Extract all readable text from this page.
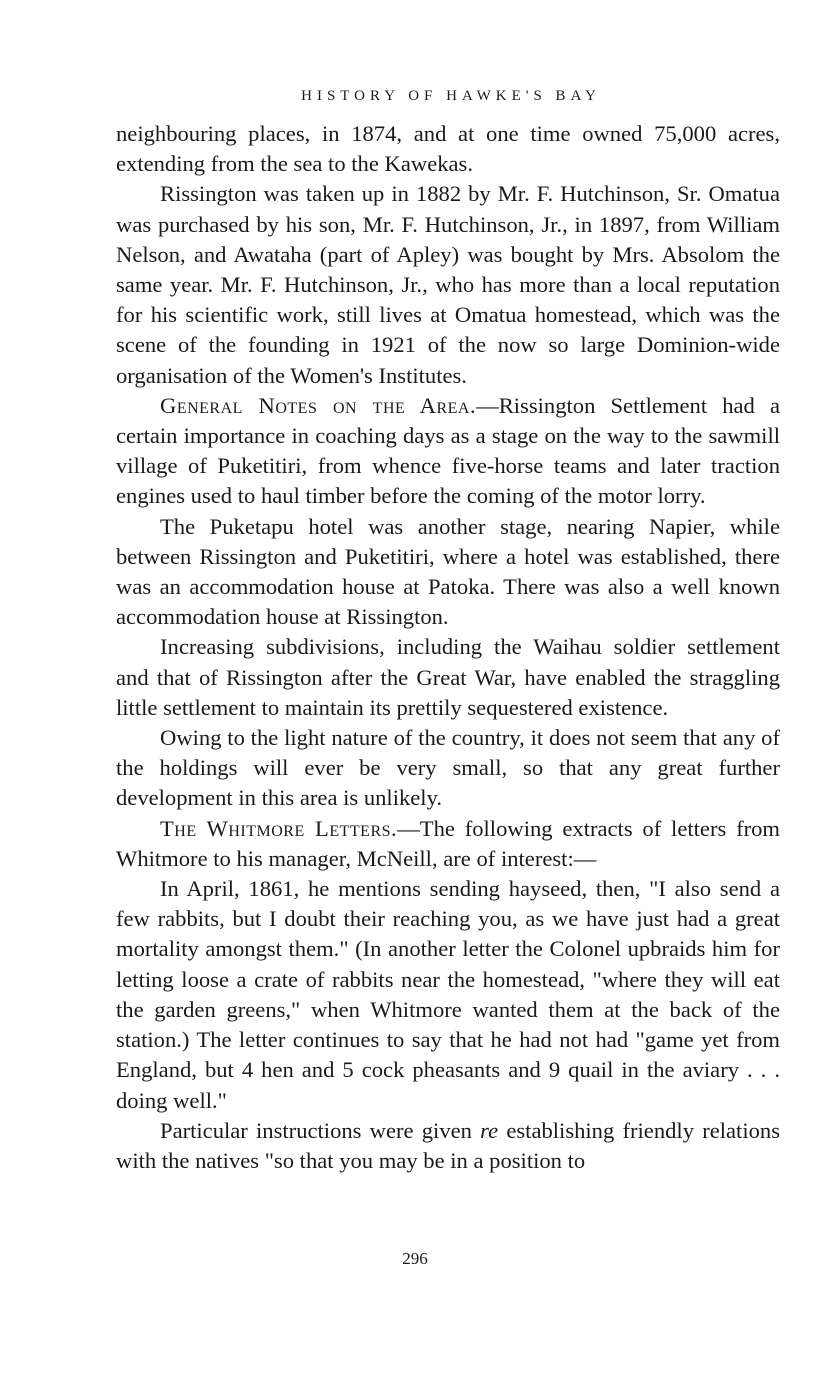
HISTORY OF HAWKE'S BAY

neighbouring places, in 1874, and at one time owned 75,000 acres, extending from the sea to the Kawekas.

Rissington was taken up in 1882 by Mr. F. Hutchinson, Sr. Omatua was purchased by his son, Mr. F. Hutchinson, Jr., in 1897, from William Nelson, and Awataha (part of Apley) was bought by Mrs. Absolom the same year. Mr. F. Hutchinson, Jr., who has more than a local reputation for his scientific work, still lives at Omatua homestead, which was the scene of the founding in 1921 of the now so large Dominion-wide organisation of the Women's Institutes.

General Notes on the Area.—Rissington Settlement had a certain importance in coaching days as a stage on the way to the sawmill village of Puketitiri, from whence five-horse teams and later traction engines used to haul timber before the coming of the motor lorry.

The Puketapu hotel was another stage, nearing Napier, while between Rissington and Puketitiri, where a hotel was established, there was an accommodation house at Patoka. There was also a well known accommodation house at Rissington.

Increasing subdivisions, including the Waihau soldier settlement and that of Rissington after the Great War, have enabled the straggling little settlement to maintain its prettily sequestered existence.

Owing to the light nature of the country, it does not seem that any of the holdings will ever be very small, so that any great further development in this area is unlikely.

The Whitmore Letters.—The following extracts of letters from Whitmore to his manager, McNeill, are of interest:—

In April, 1861, he mentions sending hayseed, then, "I also send a few rabbits, but I doubt their reaching you, as we have just had a great mortality amongst them." (In another letter the Colonel upbraids him for letting loose a crate of rabbits near the homestead, "where they will eat the garden greens," when Whitmore wanted them at the back of the station.) The letter continues to say that he had not had "game yet from England, but 4 hen and 5 cock pheasants and 9 quail in the aviary . . . doing well."

Particular instructions were given re establishing friendly relations with the natives "so that you may be in a position to

296
